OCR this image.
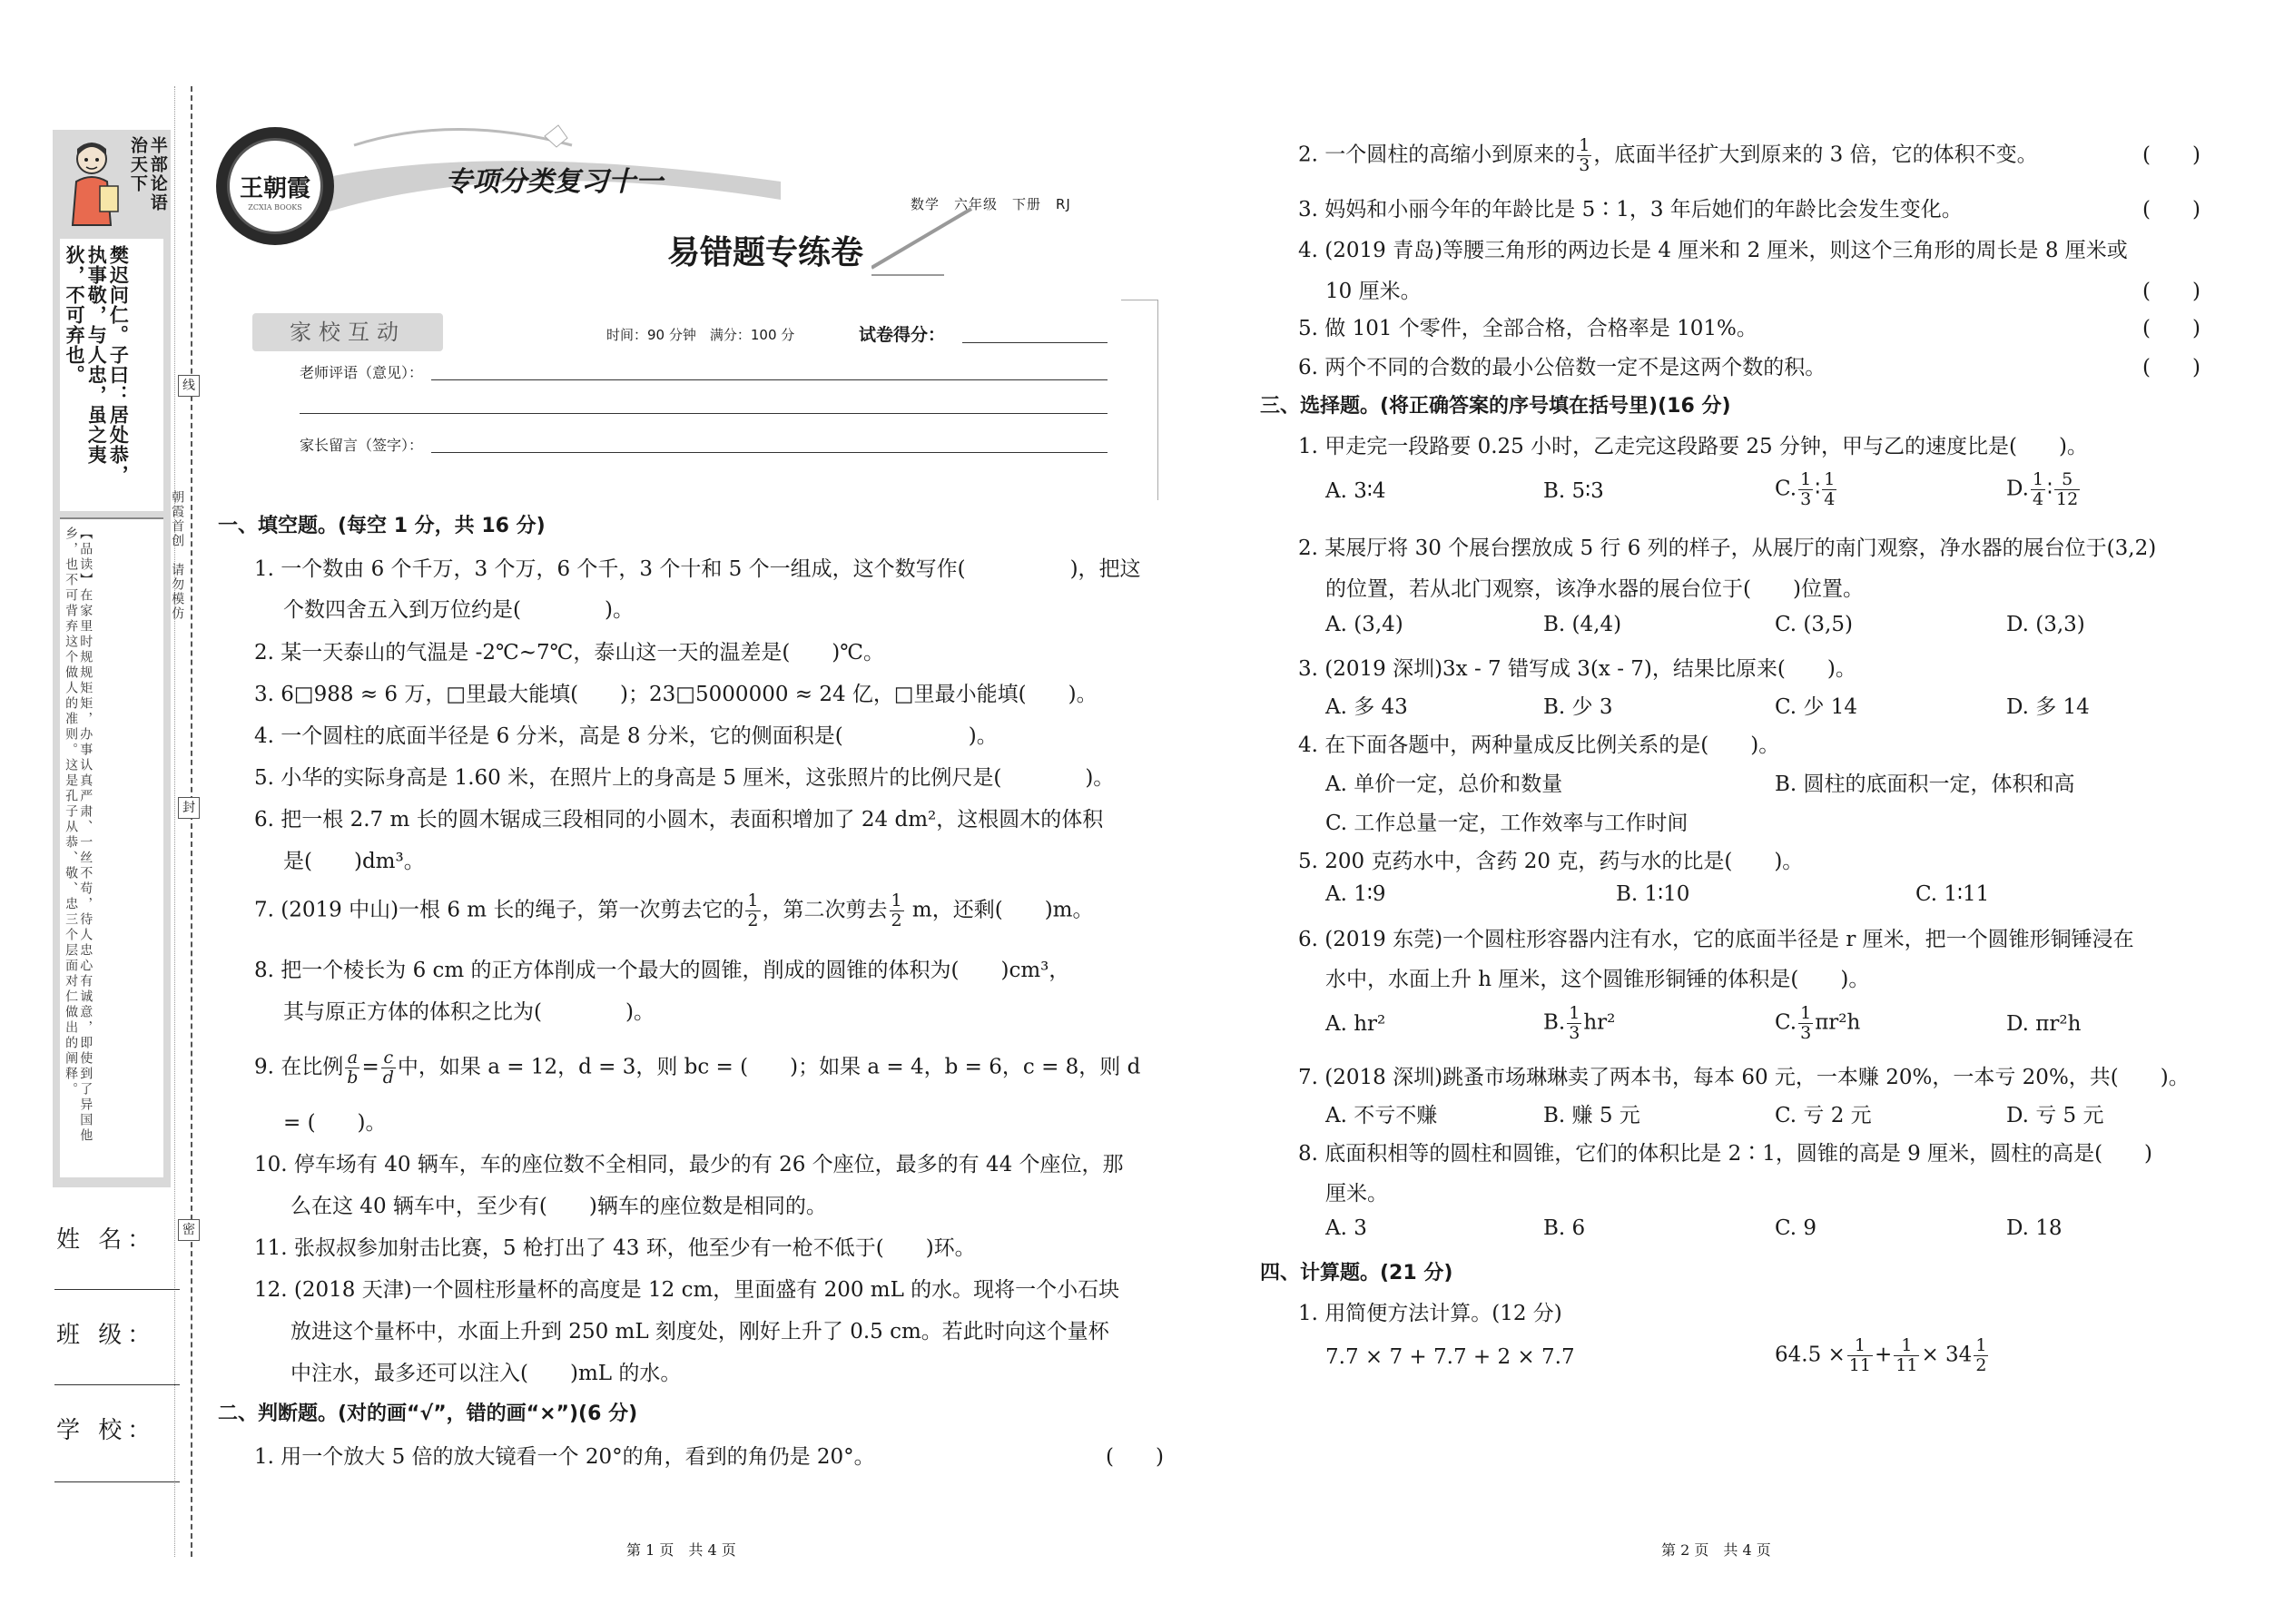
半部论语治天下
樊迟问仁。子曰：居处恭，执事敬，与人忠，虽之夷狄，不可弃也。
【品读】在家里时规规矩矩，办事认真严肃、一丝不苟，待人忠心有诚意，即使到了异国他乡，也不可背弃这个做人的准则。这是孔子从恭、敬、忠三个层面对仁做出的阐释。
线
封
密
朝霞首创　请勿模仿
姓 名：
班 级：
学 校：
王朝霞
ZCXIA BOOKS
专项分类复习十一
数学　六年级　下册　RJ
易错题专练卷
家校互动	时间：90 分钟　满分：100 分	试卷得分：
老师评语（意见）：
家长留言（签字）：
一、填空题。(每空 1 分，共 16 分)
1. 一个数由 6 个千万，3 个万，6 个千，3 个十和 5 个一组成，这个数写作(　　　　　)，把这
个数四舍五入到万位约是(　　　　)。
2. 某一天泰山的气温是 -2℃~7℃，泰山这一天的温差是(　　)℃。
3. 6□988 ≈ 6 万，□里最大能填(　　)；23□5000000 ≈ 24 亿，□里最小能填(　　)。
4. 一个圆柱的底面半径是 6 分米，高是 8 分米，它的侧面积是(　　　　　　)。
5. 小华的实际身高是 1.60 米，在照片上的身高是 5 厘米，这张照片的比例尺是(　　　　)。
6. 把一根 2.7 m 长的圆木锯成三段相同的小圆木，表面积增加了 24 dm²，这根圆木的体积
是(　　)dm³。
7. (2019 中山)一根 6 m 长的绳子，第一次剪去它的 $\frac{1}{2}$ ，第二次剪去 $\frac{1}{2}$ m，还剩(　　)m。
8. 把一个棱长为 6 cm 的正方体削成一个最大的圆锥，削成的圆锥的体积为(　　)cm³，
其与原正方体的体积之比为(　　　　)。
9. 在比例 $\frac{a}{b} = \frac{c}{d}$ 中，如果 a = 12，d = 3，则 bc = (　　)；如果 a = 4，b = 6，c = 8，则 d
= (　　)。
10. 停车场有 40 辆车，车的座位数不全相同，最少的有 26 个座位，最多的有 44 个座位，那
么在这 40 辆车中，至少有(　　)辆车的座位数是相同的。
11. 张叔叔参加射击比赛，5 枪打出了 43 环，他至少有一枪不低于(　　)环。
12. (2018 天津)一个圆柱形量杯的高度是 12 cm，里面盛有 200 mL 的水。现将一个小石块
放进这个量杯中，水面上升到 250 mL 刻度处，刚好上升了 0.5 cm。若此时向这个量杯
中注水，最多还可以注入(　　)mL 的水。
二、判断题。(对的画“√”，错的画“×”)(6 分)
1. 用一个放大 5 倍的放大镜看一个 20°的角，看到的角仍是 20°。	(　　)
第 1 页　共 4 页
2. 一个圆柱的高缩小到原来的 $\frac{1}{3}$ ，底面半径扩大到原来的 3 倍，它的体积不变。	(　　)
3. 妈妈和小丽今年的年龄比是 5∶1，3 年后她们的年龄比会发生变化。	(　　)
4. (2019 青岛)等腰三角形的两边长是 4 厘米和 2 厘米，则这个三角形的周长是 8 厘米或
10 厘米。	(　　)
5. 做 101 个零件，全部合格，合格率是 101%。	(　　)
6. 两个不同的合数的最小公倍数一定不是这两个数的积。	(　　)
三、选择题。(将正确答案的序号填在括号里)(16 分)
1. 甲走完一段路要 0.25 小时，乙走完这段路要 25 分钟，甲与乙的速度比是(　　)。
A. 3∶4	B. 5∶3	C. $\frac{1}{3}$ ∶ $\frac{1}{4}$	D. $\frac{1}{4}$ ∶ $\frac{5}{12}$
2. 某展厅将 30 个展台摆放成 5 行 6 列的样子，从展厅的南门观察，净水器的展台位于(3,2)
的位置，若从北门观察，该净水器的展台位于(　　)位置。
A. (3,4)	B. (4,4)	C. (3,5)	D. (3,3)
3. (2019 深圳)3x - 7 错写成 3(x - 7)，结果比原来(　　)。
A. 多 43	B. 少 3	C. 少 14	D. 多 14
4. 在下面各题中，两种量成反比例关系的是(　　)。
A. 单价一定，总价和数量	B. 圆柱的底面积一定，体积和高
C. 工作总量一定，工作效率与工作时间
5. 200 克药水中，含药 20 克，药与水的比是(　　)。
A. 1∶9	B. 1∶10	C. 1∶11
6. (2019 东莞)一个圆柱形容器内注有水，它的底面半径是 r 厘米，把一个圆锥形铜锤浸在
水中，水面上升 h 厘米，这个圆锥形铜锤的体积是(　　)。
A. hr²	B. $\frac{1}{3} hr^2$	C. $\frac{1}{3} \pi r^2h$	D. πr²h
7. (2018 深圳)跳蚤市场琳琳卖了两本书，每本 60 元，一本赚 20%，一本亏 20%，共(　　)。
A. 不亏不赚	B. 赚 5 元	C. 亏 2 元	D. 亏 5 元
8. 底面积相等的圆柱和圆锥，它们的体积比是 2∶1，圆锥的高是 9 厘米，圆柱的高是(　　)
厘米。
A. 3	B. 6	C. 9	D. 18
四、计算题。(21 分)
1. 用简便方法计算。(12 分)
7.7 × 7 + 7.7 + 2 × 7.7	$64.5 \times \frac{1}{11} + \frac{1}{11} \times 34 \frac{1}{2}$
第 2 页　共 4 页
